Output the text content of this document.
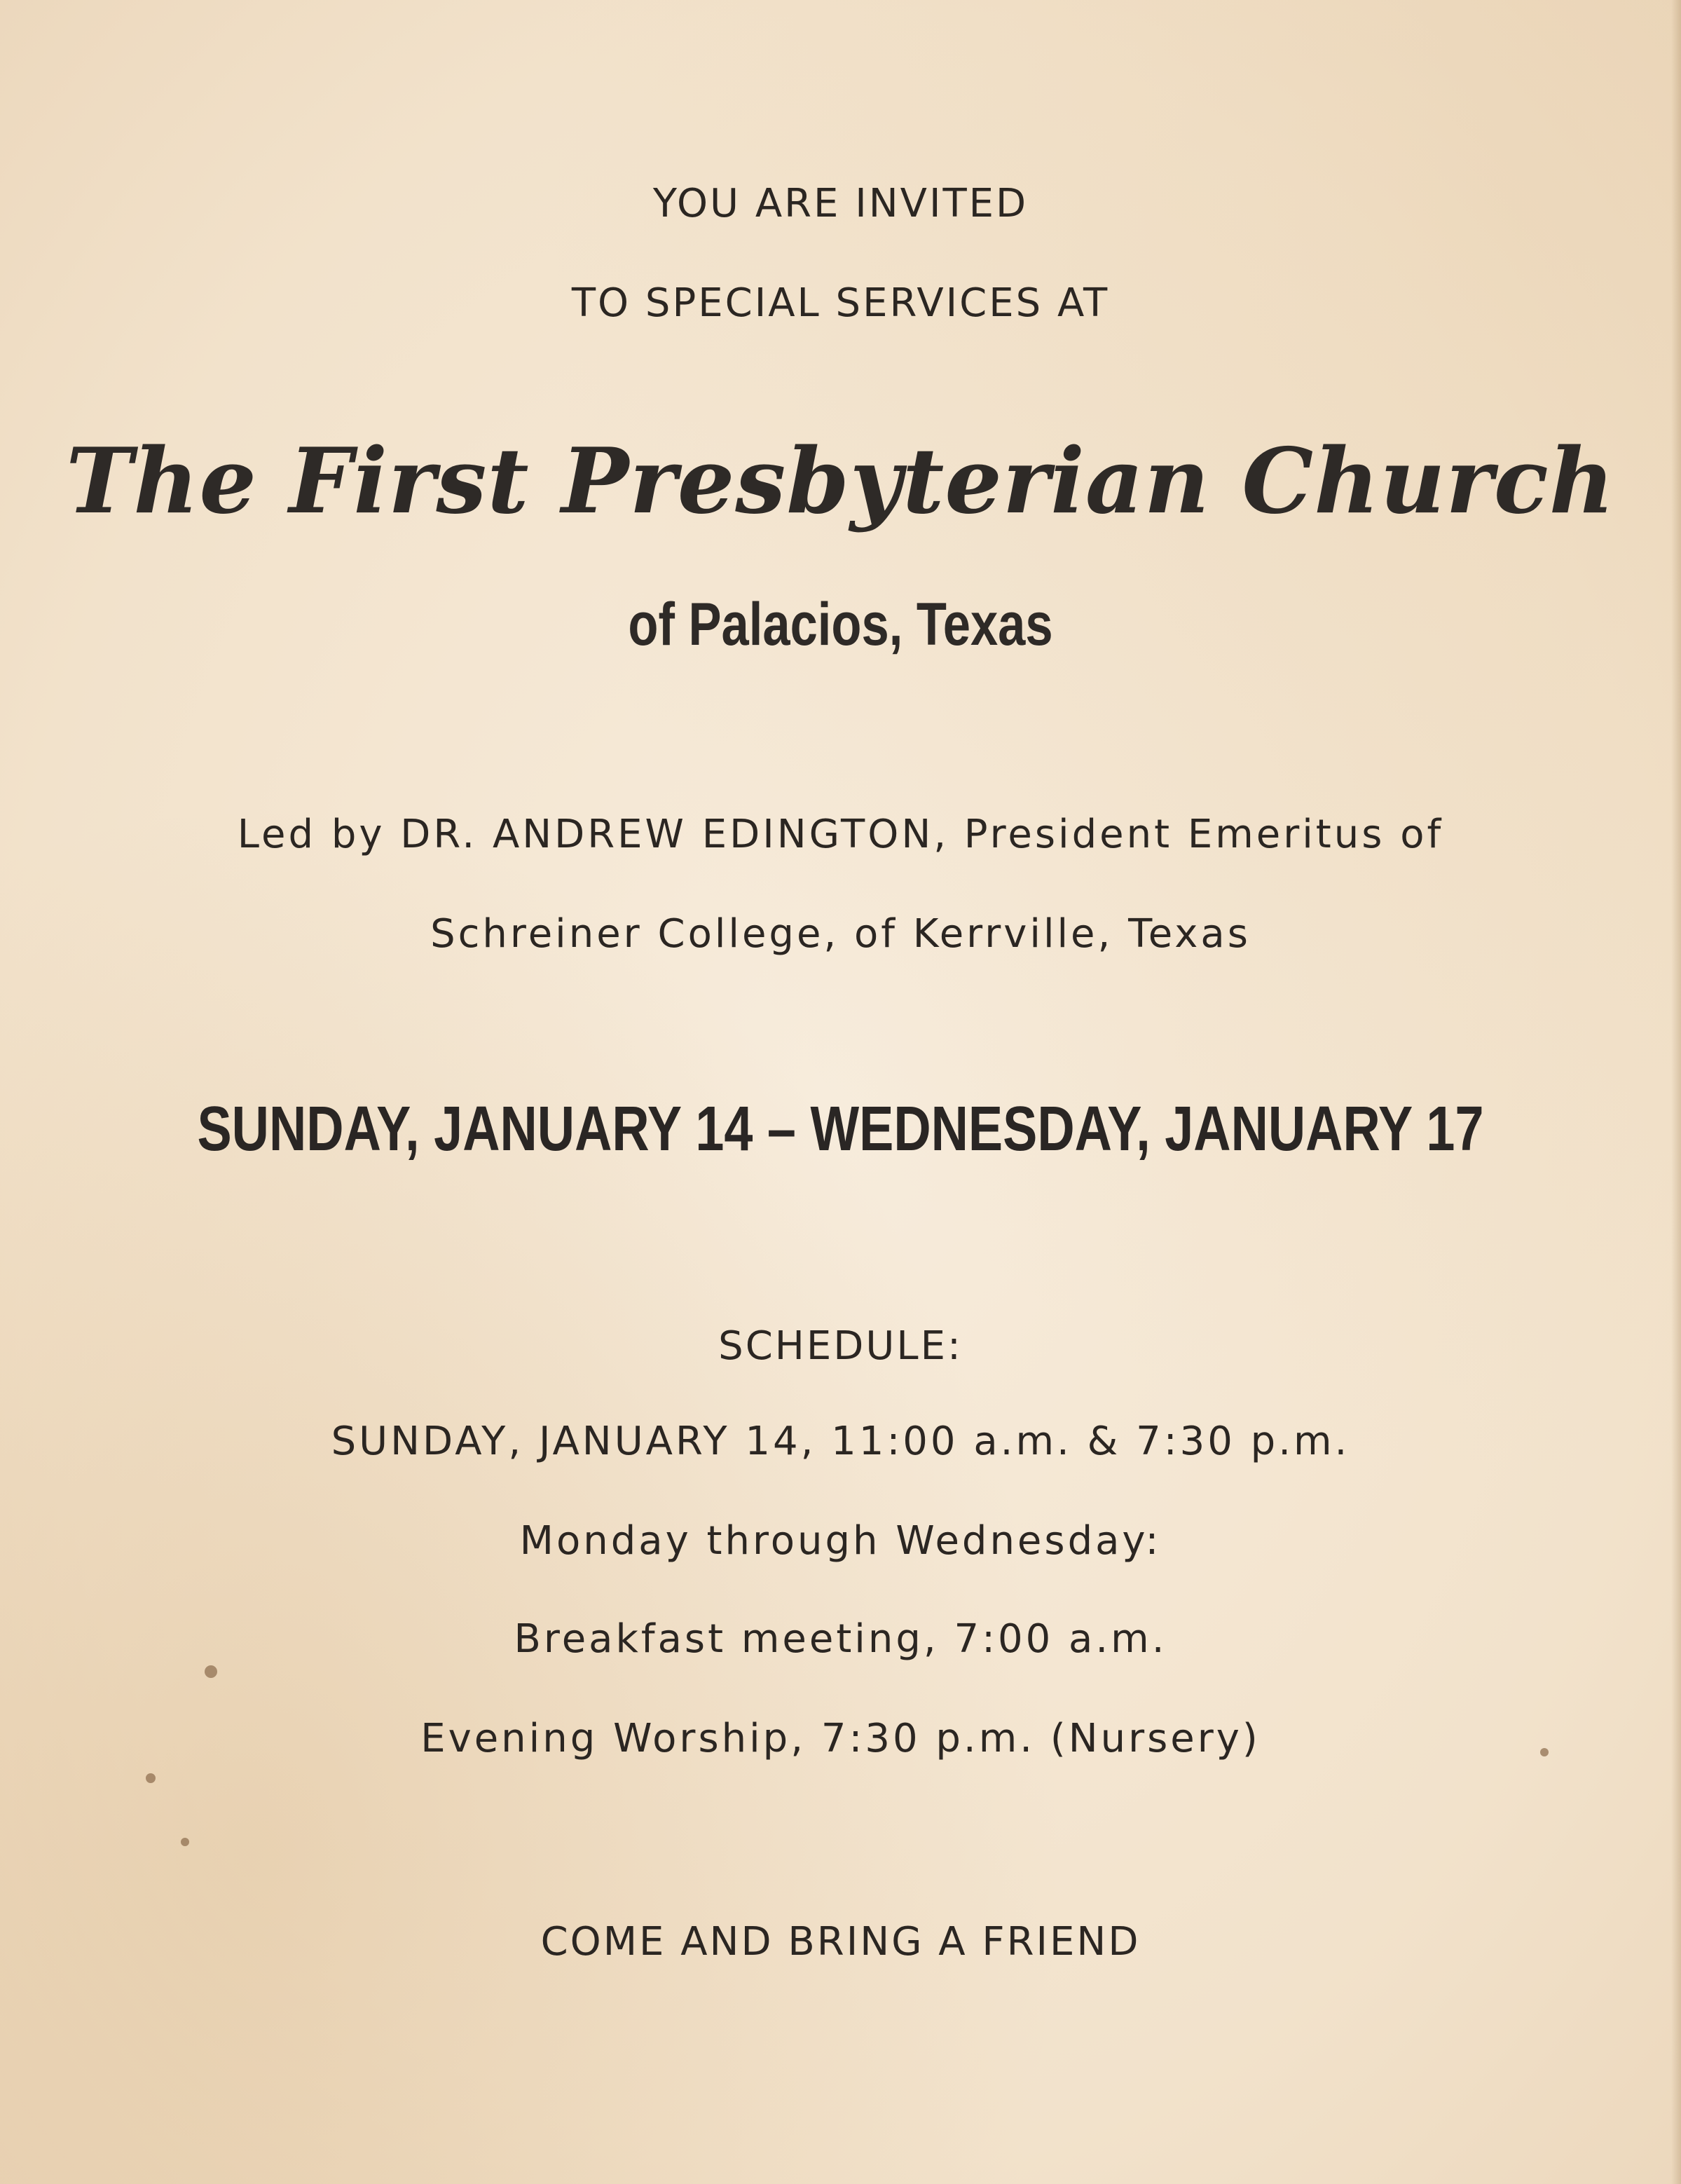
YOU ARE INVITED

TO SPECIAL SERVICES AT

The First Presbyterian Church

of Palacios, Texas

Led by DR. ANDREW EDINGTON, President Emeritus of

Schreiner College, of Kerrville, Texas

SUNDAY, JANUARY 14 – WEDNESDAY, JANUARY 17

SCHEDULE:

SUNDAY, JANUARY 14, 11:00 a.m. & 7:30 p.m.

Monday through Wednesday:

Breakfast meeting, 7:00 a.m.

Evening Worship, 7:30 p.m. (Nursery)

COME AND BRING A FRIEND
